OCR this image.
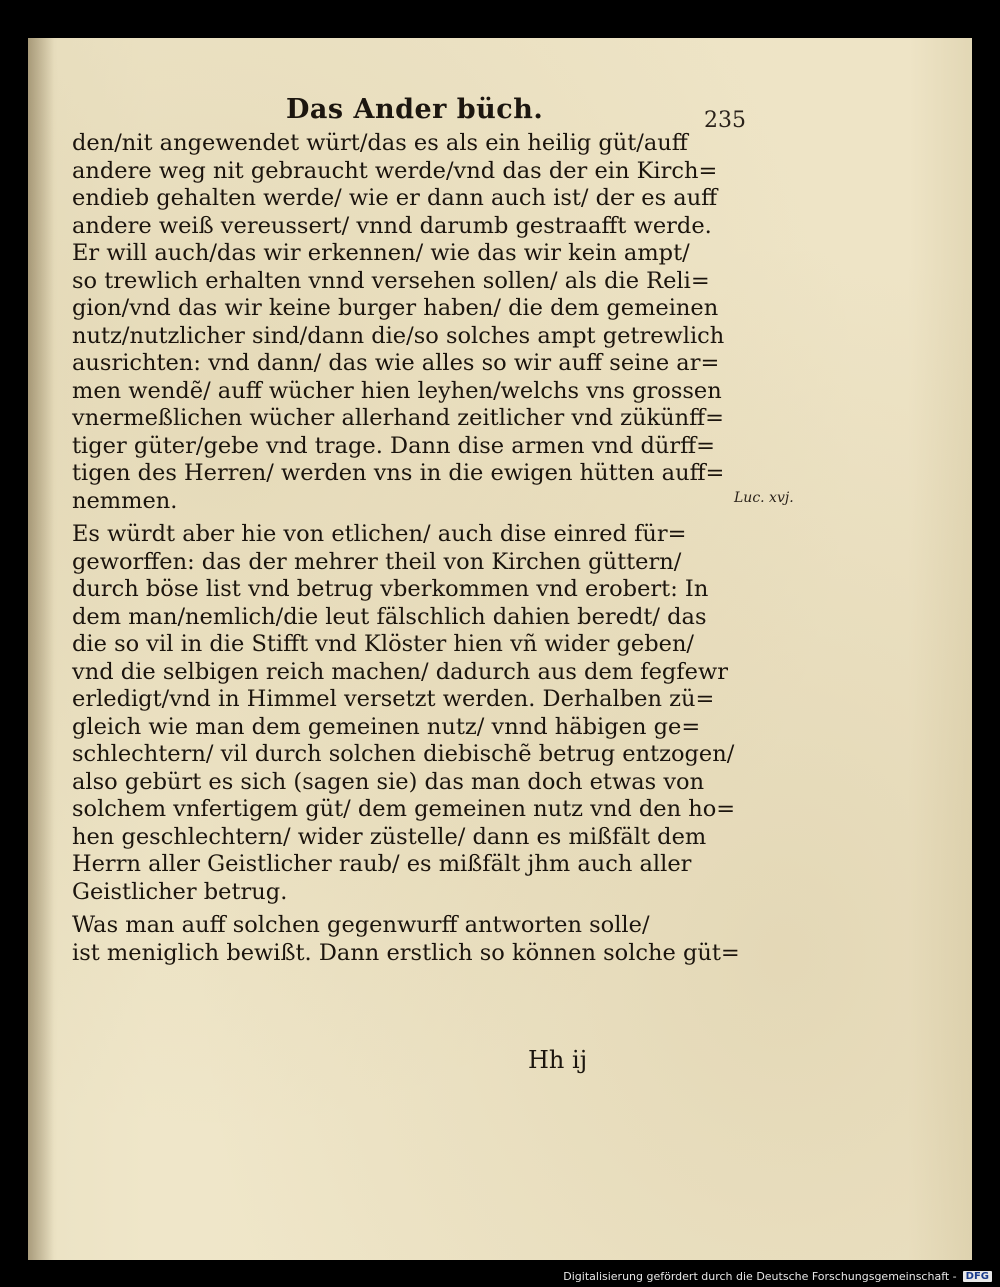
Das Ander büch.	235
den/nit angewendet würt/das es als ein heilig güt/auff
andere weg nit gebraucht werde/vnd das der ein Kirch=
endieb gehalten werde/ wie er dann auch ist/ der es auff
andere weiß vereussert/ vnnd darumb gestraafft werde.
Er will auch/das wir erkennen/ wie das wir kein ampt/
so trewlich erhalten vnnd versehen sollen/ als die Reli=
gion/vnd das wir keine burger haben/ die dem gemeinen
nutz/nutzlicher sind/dann die/so solches ampt getrewlich
ausrichten: vnd dann/ das wie alles so wir auff seine ar=
men wendẽ/ auff wücher hien leyhen/welchs vns grossen
vnermeßlichen wücher allerhand zeitlicher vnd zükünff=
tiger güter/gebe vnd trage. Dann dise armen vnd dürff=
tigen des Herren/ werden vns in die ewigen hütten auff=
nemmen.
Es würdt aber hie von etlichen/ auch dise einred für=
geworffen: das der mehrer theil von Kirchen güttern/
durch böse list vnd betrug vberkommen vnd erobert: In
dem man/nemlich/die leut fälschlich dahien beredt/ das
die so vil in die Stifft vnd Klöster hien vñ wider geben/
vnd die selbigen reich machen/ dadurch aus dem fegfewr
erledigt/vnd in Himmel versetzt werden. Derhalben zü=
gleich wie man dem gemeinen nutz/ vnnd häbigen ge=
schlechtern/ vil durch solchen diebischẽ betrug entzogen/
also gebürt es sich (sagen sie) das man doch etwas von
solchem vnfertigem güt/ dem gemeinen nutz vnd den ho=
hen geschlechtern/ wider züstelle/ dann es mißfält dem
Herrn aller Geistlicher raub/ es mißfält jhm auch aller
Geistlicher betrug.
Was man auff solchen gegenwurff antworten solle/
ist meniglich bewißt. Dann erstlich so können solche güt=
Luc. xvj.
Hh ij
Digitalisierung gefördert durch die Deutsche Forschungsgemeinschaft - DFG
